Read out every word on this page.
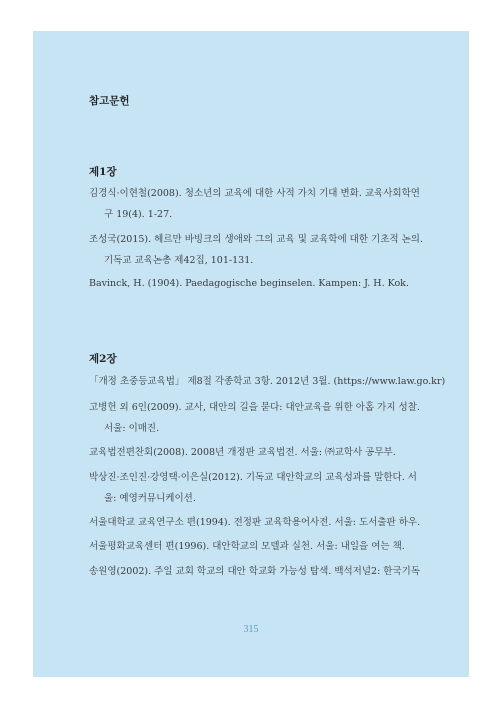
참고문헌
제1장
김경식·이현철(2008). 청소년의 교육에 대한 사적 가치 기대 변화. 교육사회학연
구 19(4). 1-27.
조성국(2015). 헤르만 바빙크의 생애와 그의 교육 및 교육학에 대한 기초적 논의.
기독교 교육논총 제42집, 101-131.
Bavinck, H. (1904). Paedagogische beginselen. Kampen: J. H. Kok.
제2장
「개정 초중등교육법」 제8절 각종학교 3항. 2012년 3월. (https://www.law.go.kr)
고병헌 외 6인(2009). 교사, 대안의 길을 묻다: 대안교육을 위한 아홉 가지 성찰.
서울: 이매진.
교육법전편찬회(2008). 2008년 개정판 교육법전. 서울: ㈜교학사 공무부.
박상진·조인진·강영택·이은실(2012). 기독교 대안학교의 교육성과를 말한다. 서
울: 예영커뮤니케이션.
서울대학교 교육연구소 편(1994). 전정판 교육학용어사전. 서울: 도서출판 하우.
서울평화교육센터 편(1996). 대안학교의 모델과 실천. 서울: 내일을 여는 책.
송원영(2002). 주일 교회 학교의 대안 학교화 가능성 탐색. 백석저널2: 한국기독
315
